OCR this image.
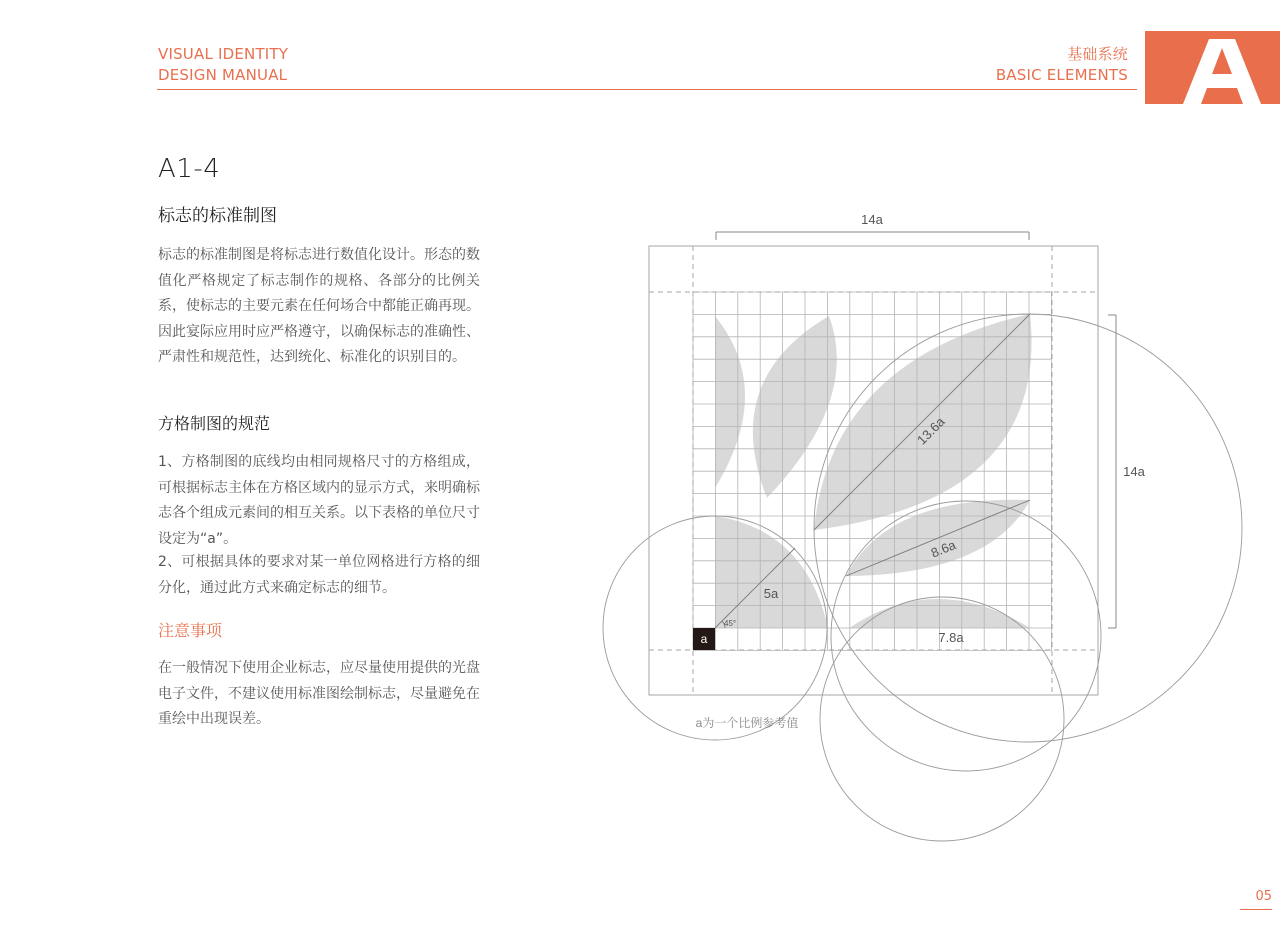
VISUAL IDENTITY
DESIGN MANUAL
基础系统
BASIC ELEMENTS
A1-4
标志的标准制图
标志的标准制图是将标志进行数值化设计。形态的数值化严格规定了标志制作的规格、各部分的比例关系，使标志的主要元素在任何场合中都能正确再现。因此宴际应用时应严格遵守，以确保标志的准确性、严肃性和规范性，达到统化、标准化的识别目的。
方格制图的规范
1、方格制图的底线均由相同规格尺寸的方格组成，可根据标志主体在方格区域内的显示方式，来明确标志各个组成元素间的相互关系。以下表格的单位尺寸设定为“a”。
2、可根据具体的要求对某一单位网格进行方格的细分化，通过此方式来确定标志的细节。
注意事项
在一般情况下使用企业标志，应尽量使用提供的光盘电子文件，不建议使用标准图绘制标志，尽量避免在重绘中出现误差。
a
14a
14a
13.6a
8.6a
5a
7.8a
45°
a为一个比例参考值
05
